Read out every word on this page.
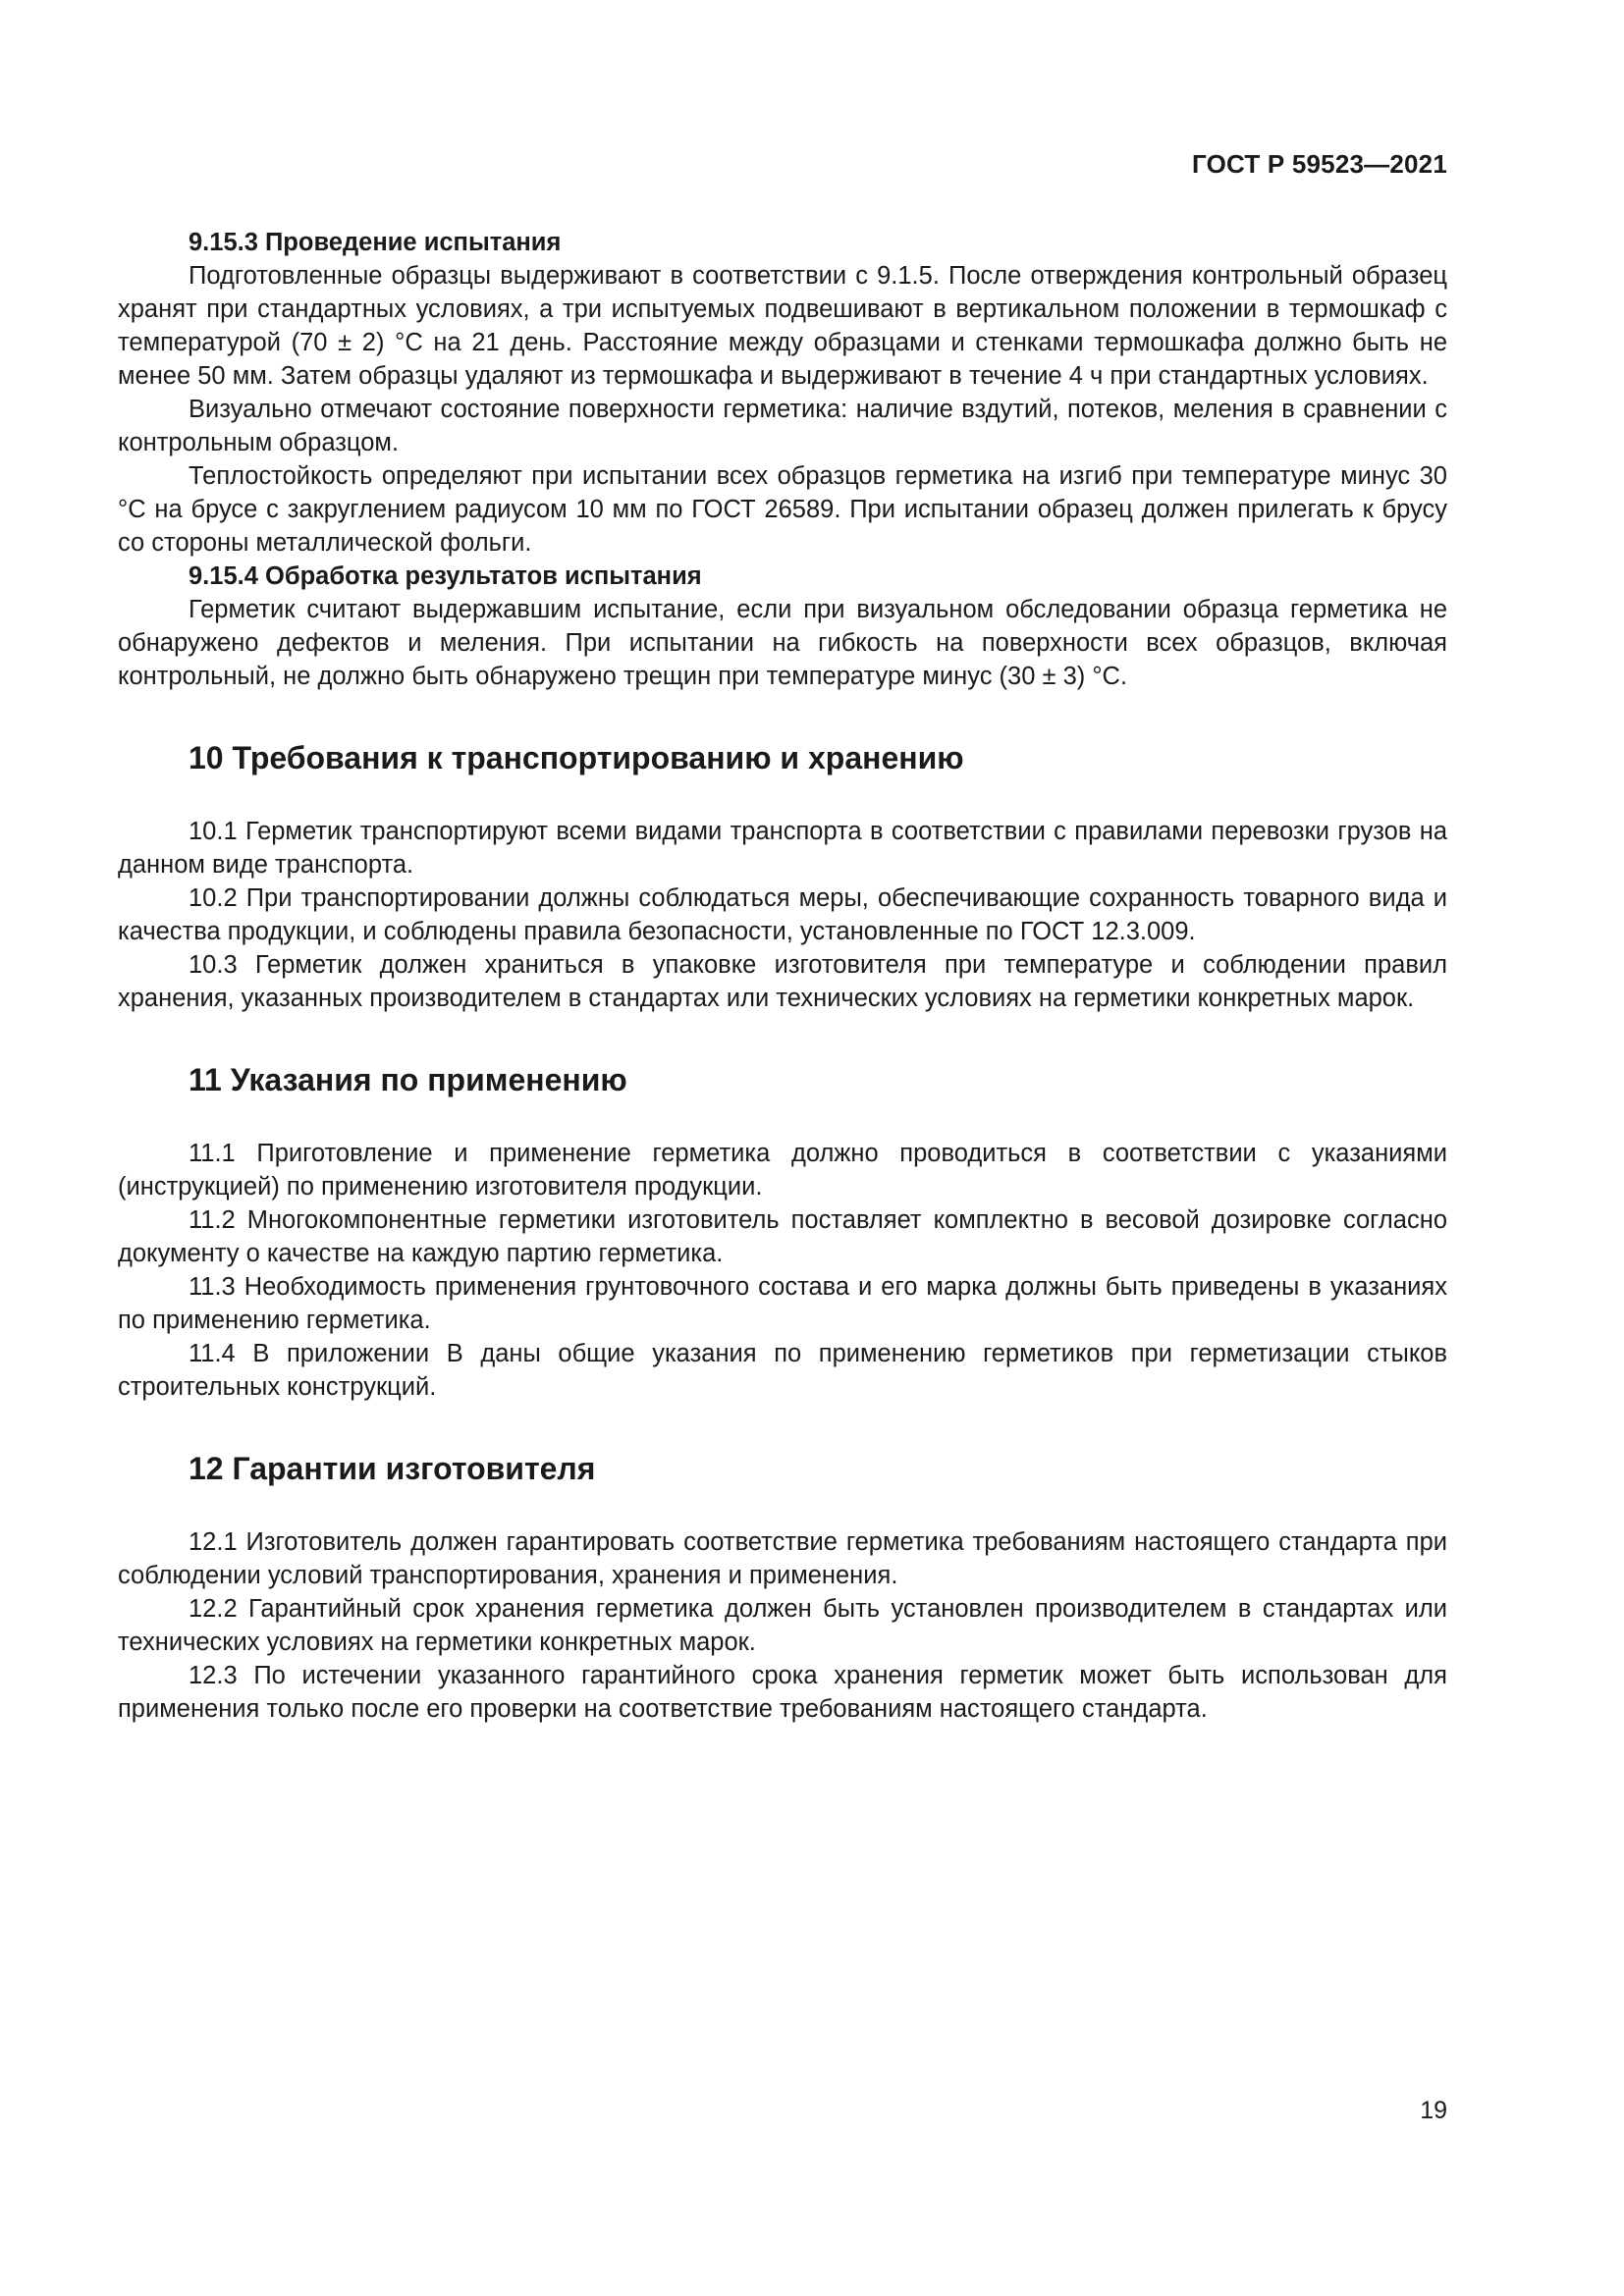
ГОСТ Р 59523—2021
9.15.3 Проведение испытания

Подготовленные образцы выдерживают в соответствии с 9.1.5. После отверждения контрольный образец хранят при стандартных условиях, а три испытуемых подвешивают в вертикальном положении в термошкаф с температурой (70 ± 2) °С на 21 день. Расстояние между образцами и стенками термошкафа должно быть не менее 50 мм. Затем образцы удаляют из термошкафа и выдерживают в течение 4 ч при стандартных условиях.

Визуально отмечают состояние поверхности герметика: наличие вздутий, потеков, меления в сравнении с контрольным образцом.

Теплостойкость определяют при испытании всех образцов герметика на изгиб при температуре минус 30 °С на брусе с закруглением радиусом 10 мм по ГОСТ 26589. При испытании образец должен прилегать к брусу со стороны металлической фольги.

9.15.4 Обработка результатов испытания

Герметик считают выдержавшим испытание, если при визуальном обследовании образца герметика не обнаружено дефектов и меления. При испытании на гибкость на поверхности всех образцов, включая контрольный, не должно быть обнаружено трещин при температуре минус (30 ± 3) °С.

10 Требования к транспортированию и хранению

10.1 Герметик транспортируют всеми видами транспорта в соответствии с правилами перевозки грузов на данном виде транспорта.

10.2 При транспортировании должны соблюдаться меры, обеспечивающие сохранность товарного вида и качества продукции, и соблюдены правила безопасности, установленные по ГОСТ 12.3.009.

10.3 Герметик должен храниться в упаковке изготовителя при температуре и соблюдении правил хранения, указанных производителем в стандартах или технических условиях на герметики конкретных марок.

11 Указания по применению

11.1 Приготовление и применение герметика должно проводиться в соответствии с указаниями (инструкцией) по применению изготовителя продукции.

11.2 Многокомпонентные герметики изготовитель поставляет комплектно в весовой дозировке согласно документу о качестве на каждую партию герметика.

11.3 Необходимость применения грунтовочного состава и его марка должны быть приведены в указаниях по применению герметика.

11.4 В приложении В даны общие указания по применению герметиков при герметизации стыков строительных конструкций.

12 Гарантии изготовителя

12.1 Изготовитель должен гарантировать соответствие герметика требованиям настоящего стандарта при соблюдении условий транспортирования, хранения и применения.

12.2 Гарантийный срок хранения герметика должен быть установлен производителем в стандартах или технических условиях на герметики конкретных марок.

12.3 По истечении указанного гарантийного срока хранения герметик может быть использован для применения только после его проверки на соответствие требованиям настоящего стандарта.

19
